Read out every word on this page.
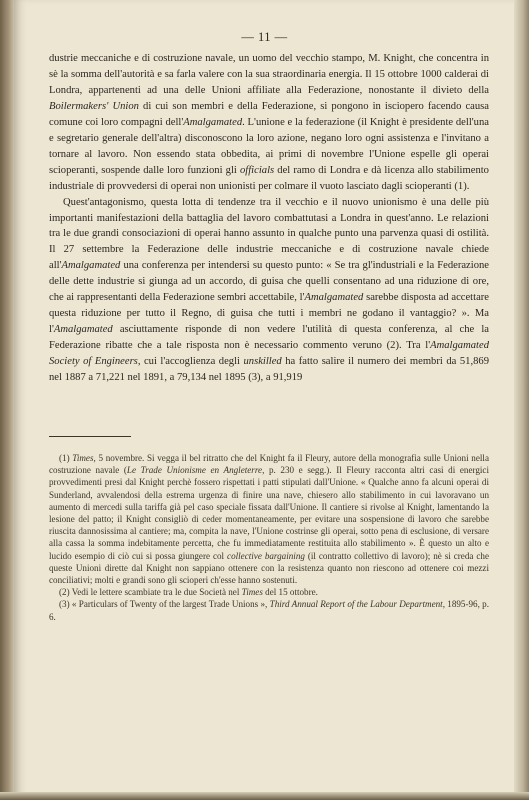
— 11 —

dustrie meccaniche e di costruzione navale, un uomo del vecchio stampo, M. Knight, che concentra in sè la somma dell'autorità e sa farla valere con la sua straordinaria energia. Il 15 ottobre 1000 calderai di Londra, appartenenti ad una delle Unioni affiliate alla Federazione, nonostante il divieto della Boilermakers' Union di cui son membri e della Federazione, si pongono in isciopero facendo causa comune coi loro compagni dell'Amalgamated. L'unione e la federazione (il Knight è presidente dell'una e segretario generale dell'altra) disconoscono la loro azione, negano loro ogni assistenza e l'invitano a tornare al lavoro. Non essendo stata obbedita, ai primi di novembre l'Unione espelle gli operai scioperanti, sospende dalle loro funzioni gli officials del ramo di Londra e dà licenza allo stabilimento industriale di provvedersi di operai non unionisti per colmare il vuoto lasciato dagli scioperanti (1).

Quest'antagonismo, questa lotta di tendenze tra il vecchio e il nuovo unionismo è una delle più importanti manifestazioni della battaglia del lavoro combattutasi a Londra in quest'anno. Le relazioni tra le due grandi consociazioni di operai hanno assunto in qualche punto una parvenza quasi di ostilità. Il 27 settembre la Federazione delle industrie meccaniche e di costruzione navale chiede all'Amalgamated una conferenza per intendersi su questo punto: « Se tra gl'industriali e la Federazione delle dette industrie si giunga ad un accordo, di guisa che quelli consentano ad una riduzione di ore, che ai rappresentanti della Federazione sembri accettabile, l'Amalgamated sarebbe disposta ad accettare questa riduzione per tutto il Regno, di guisa che tutti i membri ne godano il vantaggio? ». Ma l'Amalgamated asciuttamente risponde di non vedere l'utilità di questa conferenza, al che la Federazione ribatte che a tale risposta non è necessario commento veruno (2). Tra l'Amalgamated Society of Engineers, cui l'accoglienza degli unskilled ha fatto salire il numero dei membri da 51,869 nel 1887 a 71,221 nel 1891, a 79,134 nel 1895 (3), a 91,919

(1) Times, 5 novembre. Si vegga il bel ritratto che del Knight fa il Fleury, autore della monografia sulle Unioni nella costruzione navale (Le Trade Unionisme en Angleterre, p. 230 e segg.). Il Fleury racconta altri casi di energici provvedimenti presi dal Knight perchè fossero rispettati i patti stipulati dall'Unione. « Qualche anno fa alcuni operai di Sunderland, avvalendosi della estrema urgenza di finire una nave, chiesero allo stabilimento in cui lavoravano un aumento di mercedi sulla tariffa già pel caso speciale fissata dall'Unione. Il cantiere si rivolse al Knight, lamentando la lesione del patto; il Knight consigliò di ceder momentaneamente, per evitare una sospensione di lavoro che sarebbe riuscita dannosissima al cantiere; ma, compita la nave, l'Unione costrinse gli operai, sotto pena di esclusione, di versare alla cassa la somma indebitamente percetta, che fu immediatamente restituita allo stabilimento ». È questo un alto e lucido esempio di ciò cui si possa giungere col collective bargaining (il contratto collettivo di lavoro); nè si creda che queste Unioni dirette dal Knight non sappiano ottenere con la resistenza quanto non riescono ad ottenere coi mezzi conciliativi; molti e grandi sono gli scioperi ch'esse hanno sostenuti.

(2) Vedi le lettere scambiate tra le due Società nel Times del 15 ottobre.

(3) « Particulars of Twenty of the largest Trade Unions », Third Annual Report of the Labour Department, 1895-96, p. 6.
